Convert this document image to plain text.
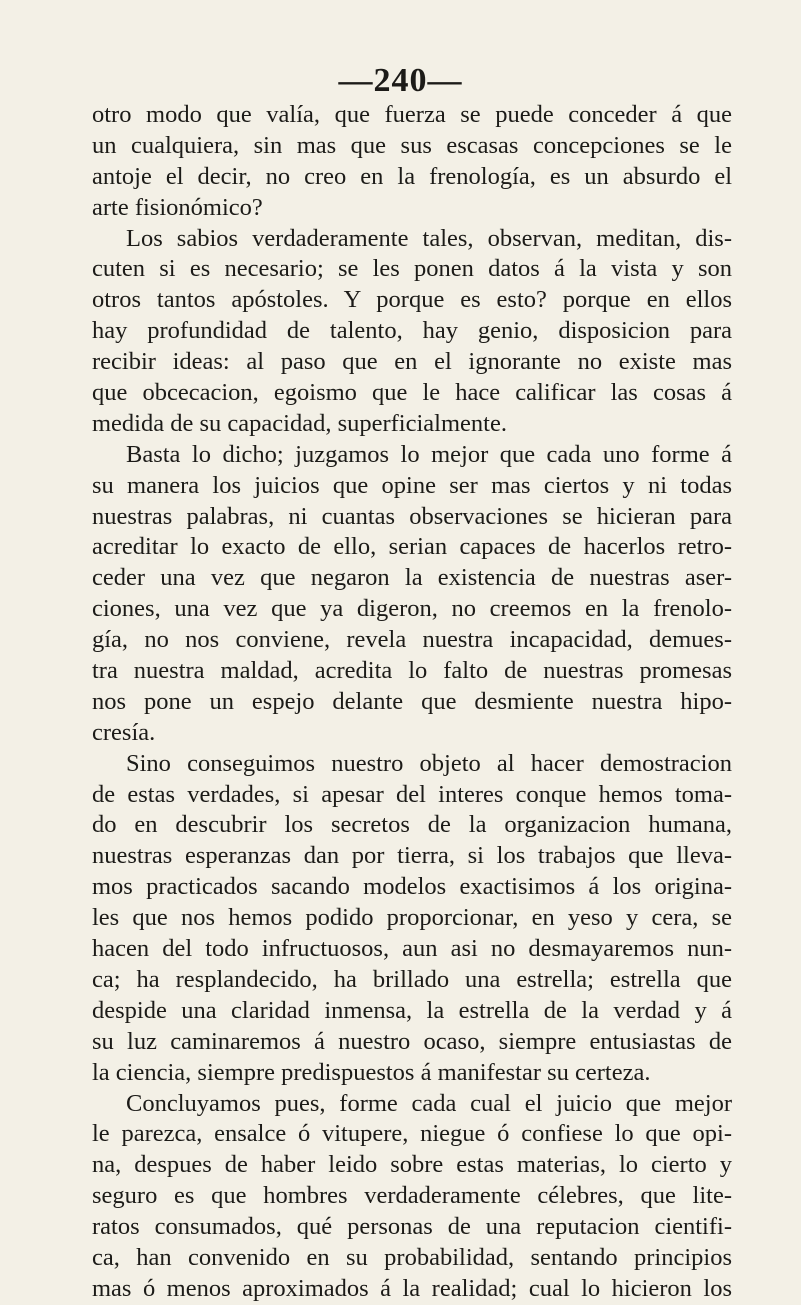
—240—
otro modo que valía, que fuerza se puede conceder á que
un cualquiera, sin mas que sus escasas concepciones se le
antoje el decir, no creo en la frenología, es un absurdo el
arte fisionómico?
Los sabios verdaderamente tales, observan, meditan, dis-
cuten si es necesario; se les ponen datos á la vista y son
otros tantos apóstoles. Y porque es esto? porque en ellos
hay profundidad de talento, hay genio, disposicion para
recibir ideas: al paso que en el ignorante no existe mas
que obcecacion, egoismo que le hace calificar las cosas á
medida de su capacidad, superficialmente.
Basta lo dicho; juzgamos lo mejor que cada uno forme á
su manera los juicios que opine ser mas ciertos y ni todas
nuestras palabras, ni cuantas observaciones se hicieran para
acreditar lo exacto de ello, serian capaces de hacerlos retro-
ceder una vez que negaron la existencia de nuestras aser-
ciones, una vez que ya digeron, no creemos en la frenolo-
gía, no nos conviene, revela nuestra incapacidad, demues-
tra nuestra maldad, acredita lo falto de nuestras promesas
nos pone un espejo delante que desmiente nuestra hipo-
cresía.
Sino conseguimos nuestro objeto al hacer demostracion
de estas verdades, si apesar del interes conque hemos toma-
do en descubrir los secretos de la organizacion humana,
nuestras esperanzas dan por tierra, si los trabajos que lleva-
mos practicados sacando modelos exactisimos á los origina-
les que nos hemos podido proporcionar, en yeso y cera, se
hacen del todo infructuosos, aun asi no desmayaremos nun-
ca; ha resplandecido, ha brillado una estrella; estrella que
despide una claridad inmensa, la estrella de la verdad y á
su luz caminaremos á nuestro ocaso, siempre entusiastas de
la ciencia, siempre predispuestos á manifestar su certeza.
Concluyamos pues, forme cada cual el juicio que mejor
le parezca, ensalce ó vitupere, niegue ó confiese lo que opi-
na, despues de haber leido sobre estas materias, lo cierto y
seguro es que hombres verdaderamente célebres, que lite-
ratos consumados, qué personas de una reputacion cientifi-
ca, han convenido en su probabilidad, sentando principios
mas ó menos aproximados á la realidad; cual lo hicieron los
